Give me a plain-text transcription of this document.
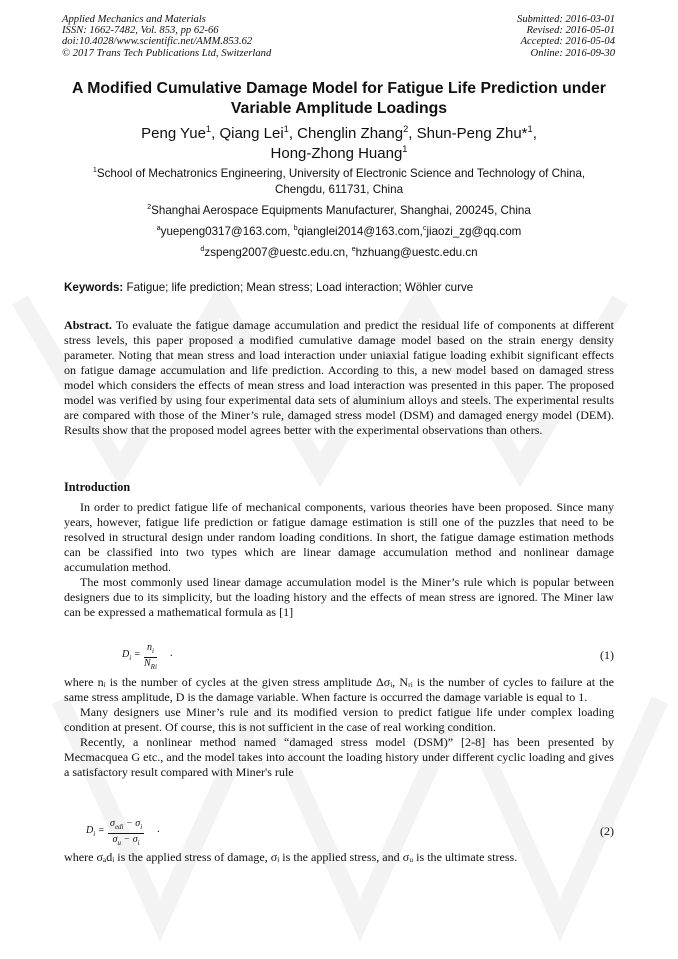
Applied Mechanics and Materials
ISSN: 1662-7482, Vol. 853, pp 62-66
doi:10.4028/www.scientific.net/AMM.853.62
© 2017 Trans Tech Publications Ltd, Switzerland
Submitted: 2016-03-01
Revised: 2016-05-01
Accepted: 2016-05-04
Online: 2016-09-30
A Modified Cumulative Damage Model for Fatigue Life Prediction under
Variable Amplitude Loadings
Peng Yue$^1$, Qiang Lei$^1$, Chenglin Zhang$^2$, Shun-Peng Zhu*$^1$,
Hong-Zhong Huang$^1$
$^1$School of Mechatronics Engineering, University of Electronic Science and Technology of China,
Chengdu, 611731, China
$^2$Shanghai Aerospace Equipments Manufacturer, Shanghai, 200245, China
$^a$yuepeng0317@163.com, $^b$qianglei2014@163.com,$^c$jiaozi_zg@qq.com
$^d$zspeng2007@uestc.edu.cn, $^e$hzhuang@uestc.edu.cn
Keywords: Fatigue; life prediction; Mean stress; Load interaction; Wöhler curve

Abstract. To evaluate the fatigue damage accumulation and predict the residual life of components at different stress levels, this paper proposed a modified cumulative damage model based on the strain energy density parameter. Noting that mean stress and load interaction under uniaxial fatigue loading exhibit significant effects on fatigue damage accumulation and life prediction. According to this, a new model based on damaged stress model which considers the effects of mean stress and load interaction was presented in this paper. The proposed model was verified by using four experimental data sets of aluminium alloys and steels. The experimental results are compared with those of the Miner’s rule, damaged stress model (DSM) and damaged energy model (DEM). Results show that the proposed model agrees better with the experimental observations than others.

Introduction

In order to predict fatigue life of mechanical components, various theories have been proposed. Since many years, however, fatigue life prediction or fatigue damage estimation is still one of the puzzles that need to be resolved in structural design under random loading conditions. In short, the fatigue damage estimation methods can be classified into two types which are linear damage accumulation method and nonlinear damage accumulation method.

The most commonly used linear damage accumulation model is the Miner’s rule which is popular between designers due to its simplicity, but the loading history and the effects of mean stress are ignored. The Miner law can be expressed a mathematical formula as [1]

$D_i$ =
$n_i$
$N_{Ri}$
.	(1)

where nᵢ is the number of cycles at the given stress amplitude Δσᵢ, Nᵣᵢ is the number of cycles to failure at the same stress amplitude, D is the damage variable. When facture is occurred the damage variable is equal to 1.

Many designers use Miner’s rule and its modified version to predict fatigue life under complex loading condition at present. Of course, this is not sufficient in the case of real working condition.

Recently, a nonlinear method named “damaged stress model (DSM)” [2-8] has been presented by Mecmacquea G etc., and the model takes into account the loading history under different cyclic loading and gives a satisfactory result compared with Miner's rule

$D_i$ =
$\sigma_{edi} - \sigma_i$
$\sigma_u - \sigma_i$
.	(2)

where σₐdᵢ is the applied stress of damage, σᵢ is the applied stress, and σᵤ is the ultimate stress.
